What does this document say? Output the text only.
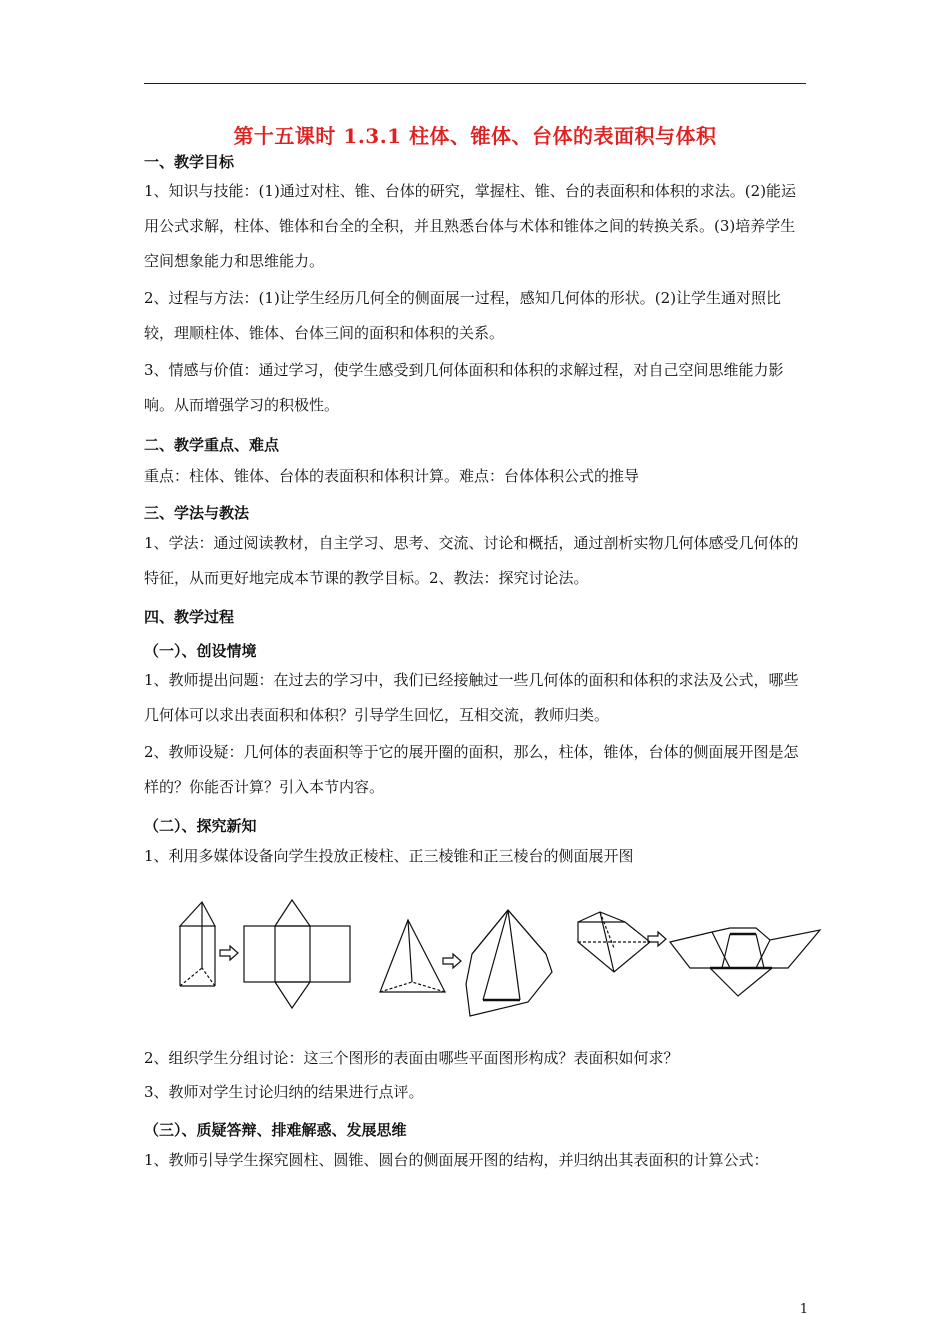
第十五课时 1.3.1 柱体、锥体、台体的表面积与体积
一、教学目标
1、知识与技能：(1)通过对柱、锥、台体的研究，掌握柱、锥、台的表面积和体积的求法。(2)能运用公式求解，柱体、锥体和台全的全积，并且熟悉台体与术体和锥体之间的转换关系。(3)培养学生空间想象能力和思维能力。
2、过程与方法：(1)让学生经历几何全的侧面展一过程，感知几何体的形状。(2)让学生通对照比较，理顺柱体、锥体、台体三间的面积和体积的关系。
3、情感与价值：通过学习，使学生感受到几何体面积和体积的求解过程，对自己空间思维能力影响。从而增强学习的积极性。
二、教学重点、难点
重点：柱体、锥体、台体的表面积和体积计算。难点：台体体积公式的推导
三、学法与教法
1、学法：通过阅读教材，自主学习、思考、交流、讨论和概括，通过剖析实物几何体感受几何体的特征，从而更好地完成本节课的教学目标。2、教法：探究讨论法。
四、教学过程
（一）、创设情境
1、教师提出问题：在过去的学习中，我们已经接触过一些几何体的面积和体积的求法及公式，哪些几何体可以求出表面积和体积？引导学生回忆，互相交流，教师归类。
2、教师设疑：几何体的表面积等于它的展开圈的面积，那么，柱体，锥体，台体的侧面展开图是怎样的？你能否计算？引入本节内容。
（二）、探究新知
1、利用多媒体设备向学生投放正棱柱、正三棱锥和正三棱台的侧面展开图
2、组织学生分组讨论：这三个图形的表面由哪些平面图形构成？表面积如何求？
3、教师对学生讨论归纳的结果进行点评。
（三）、质疑答辩、排难解惑、发展思维
1、教师引导学生探究圆柱、圆锥、圆台的侧面展开图的结构，并归纳出其表面积的计算公式：
1
